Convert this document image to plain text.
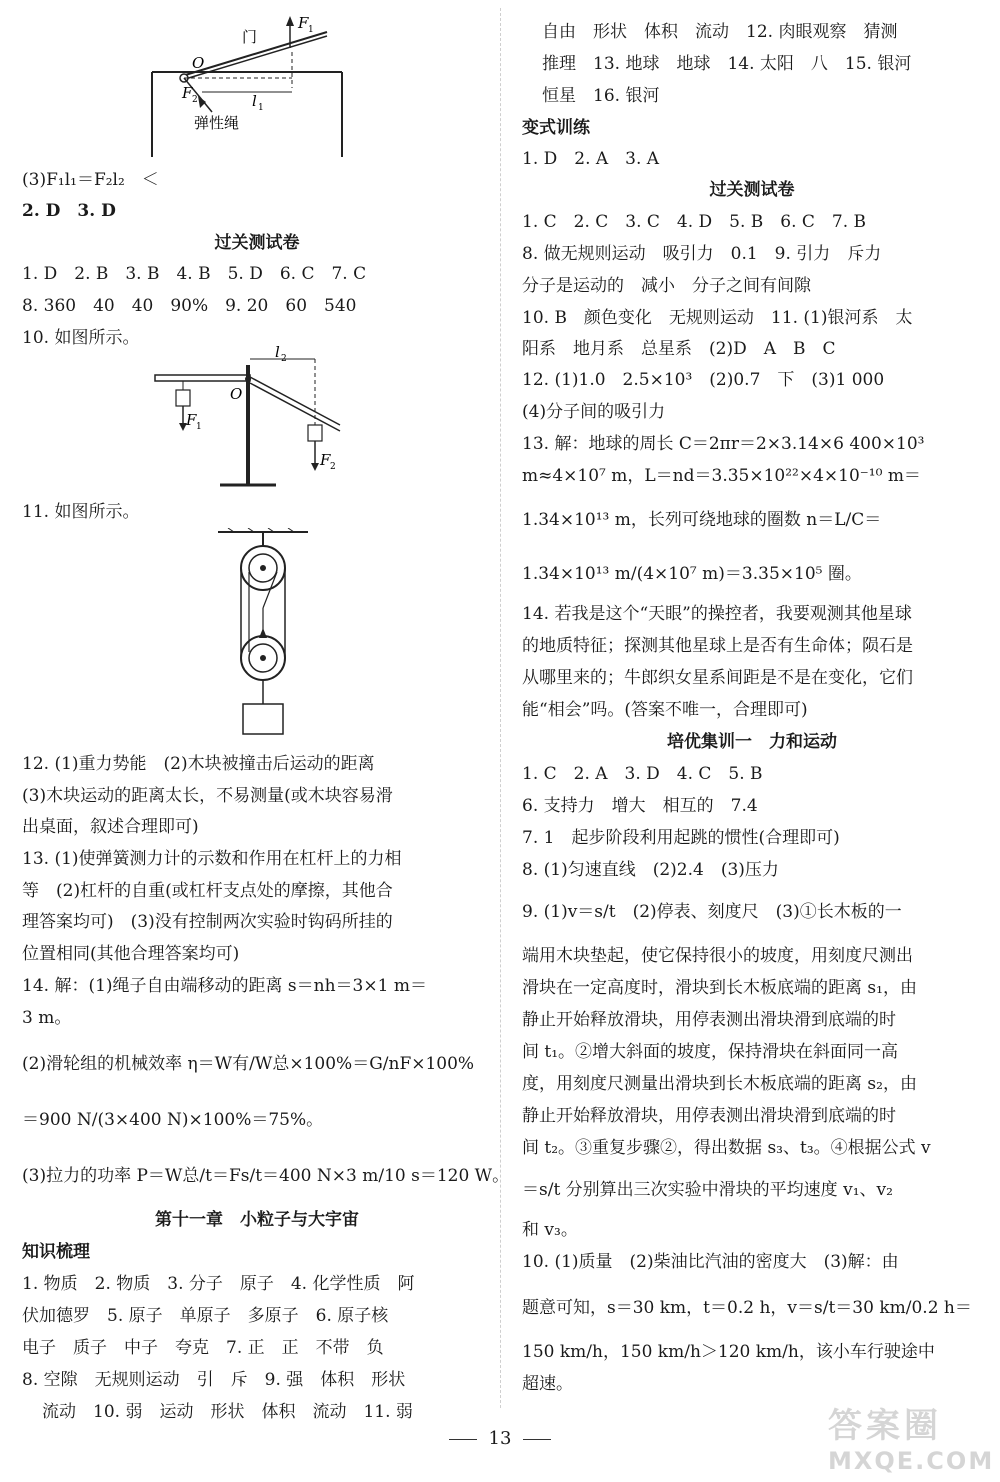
门
O
F 1
F 2	l 1
弹性绳
(3)F₁l₁＝F₂l₂　＜
2. D　3. D
过关测试卷
1. D　2. B　3. B　4. B　5. D　6. C　7. C
8. 360　40　40　90%　9. 20　60　540
10. 如图所示。
O
l 2
F 1
F 2
11. 如图所示。
12. (1)重力势能　(2)木块被撞击后运动的距离
(3)木块运动的距离太长，不易测量(或木块容易滑
出桌面，叙述合理即可)
13. (1)使弹簧测力计的示数和作用在杠杆上的力相
等　(2)杠杆的自重(或杠杆支点处的摩擦，其他合
理答案均可)　(3)没有控制两次实验时钩码所挂的
位置相同(其他合理答案均可)
14. 解：(1)绳子自由端移动的距离 s＝nh＝3×1 m＝
3 m。
(2)滑轮组的机械效率 η＝W有/W总×100%＝G/nF×100%
＝900 N/(3×400 N)×100%＝75%。
(3)拉力的功率 P＝W总/t＝Fs/t＝400 N×3 m/10 s＝120 W。
第十一章　小粒子与大宇宙
知识梳理
1. 物质　2. 物质　3. 分子　原子　4. 化学性质　阿
伏加德罗　5. 原子　单原子　多原子　6. 原子核
电子　质子　中子　夸克　7. 正　正　不带　负
8. 空隙　无规则运动　引　斥　9. 强　体积　形状
流动　10. 弱　运动　形状　体积　流动　11. 弱
自由　形状　体积　流动　12. 肉眼观察　猜测
推理　13. 地球　地球　14. 太阳　八　15. 银河
恒星　16. 银河
变式训练
1. D　2. A　3. A
过关测试卷
1. C　2. C　3. C　4. D　5. B　6. C　7. B
8. 做无规则运动　吸引力　0.1　9. 引力　斥力
分子是运动的　减小　分子之间有间隙
10. B　颜色变化　无规则运动　11. (1)银河系　太
阳系　地月系　总星系　(2)D　A　B　C
12. (1)1.0　2.5×10³　(2)0.7　下　(3)1 000
(4)分子间的吸引力
13. 解：地球的周长 C＝2πr＝2×3.14×6 400×10³
m≈4×10⁷ m，L＝nd＝3.35×10²²×4×10⁻¹⁰ m＝
1.34×10¹³ m，长列可绕地球的圈数 n＝L/C＝
1.34×10¹³ m/(4×10⁷ m)＝3.35×10⁵ 圈。
14. 若我是这个“天眼”的操控者，我要观测其他星球
的地质特征；探测其他星球上是否有生命体；陨石是
从哪里来的；牛郎织女星系间距是不是在变化，它们
能“相会”吗。(答案不唯一，合理即可)
培优集训一　力和运动
1. C　2. A　3. D　4. C　5. B
6. 支持力　增大　相互的　7.4
7. 1　起步阶段利用起跳的惯性(合理即可)
8. (1)匀速直线　(2)2.4　(3)压力
9. (1)v＝s/t　(2)停表、刻度尺　(3)①长木板的一
端用木块垫起，使它保持很小的坡度，用刻度尺测出
滑块在一定高度时，滑块到长木板底端的距离 s₁，由
静止开始释放滑块，用停表测出滑块滑到底端的时
间 t₁。②增大斜面的坡度，保持滑块在斜面同一高
度，用刻度尺测量出滑块到长木板底端的距离 s₂，由
静止开始释放滑块，用停表测出滑块滑到底端的时
间 t₂。③重复步骤②，得出数据 s₃、t₃。④根据公式 v
＝s/t 分别算出三次实验中滑块的平均速度 v₁、v₂
和 v₃。
10. (1)质量　(2)柴油比汽油的密度大　(3)解：由
题意可知，s＝30 km，t＝0.2 h，v＝s/t＝30 km/0.2 h＝
150 km/h，150 km/h＞120 km/h，该小车行驶途中
超速。
13	答案圈
MXQE.COM
